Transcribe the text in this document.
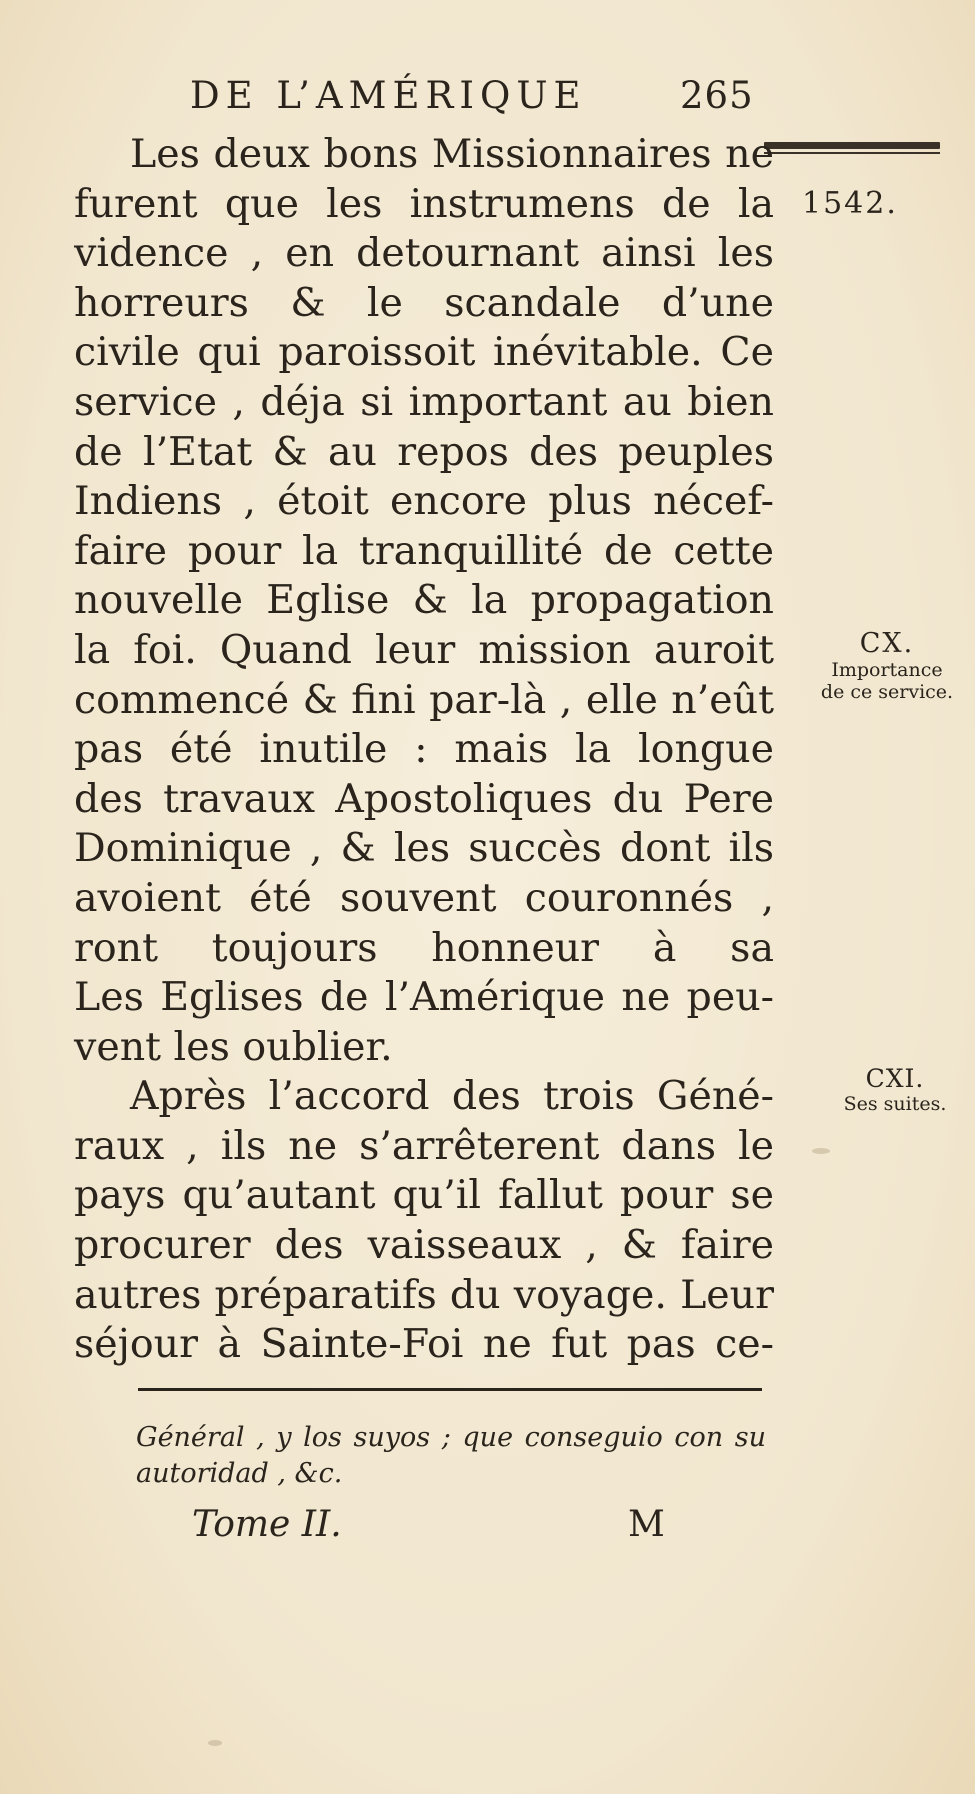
DE L’AMÉRIQUE	265
1542.
Les deux bons Missionnaires ne
furent que les instrumens de la
vidence , en detournant ainsi les
horreurs & le scandale d’une
civile qui paroissoit inévitable. Ce
service , déja si important au bien
de l’Etat & au repos des peuples
Indiens , étoit encore plus nécef-
faire pour la tranquillité de cette
nouvelle Eglise & la propagation
la foi. Quand leur mission auroit
commencé & fini par-là , elle n’eût
pas été inutile : mais la longue
des travaux Apostoliques du Pere
Dominique , & les succès dont ils
avoient été souvent couronnés ,
ront toujours honneur à sa
Les Eglises de l’Amérique ne peu-
vent les oublier.
Après l’accord des trois Géné-
raux , ils ne s’arrêterent dans le
pays qu’autant qu’il fallut pour se
procurer des vaisseaux , & faire
autres préparatifs du voyage. Leur
séjour à Sainte-Foi ne fut pas ce-
CX.
Importance
de ce service.
CXI.
Ses suites.
Général , y los suyos ; que conseguio con su
autoridad , &c.
Tome II.	M
